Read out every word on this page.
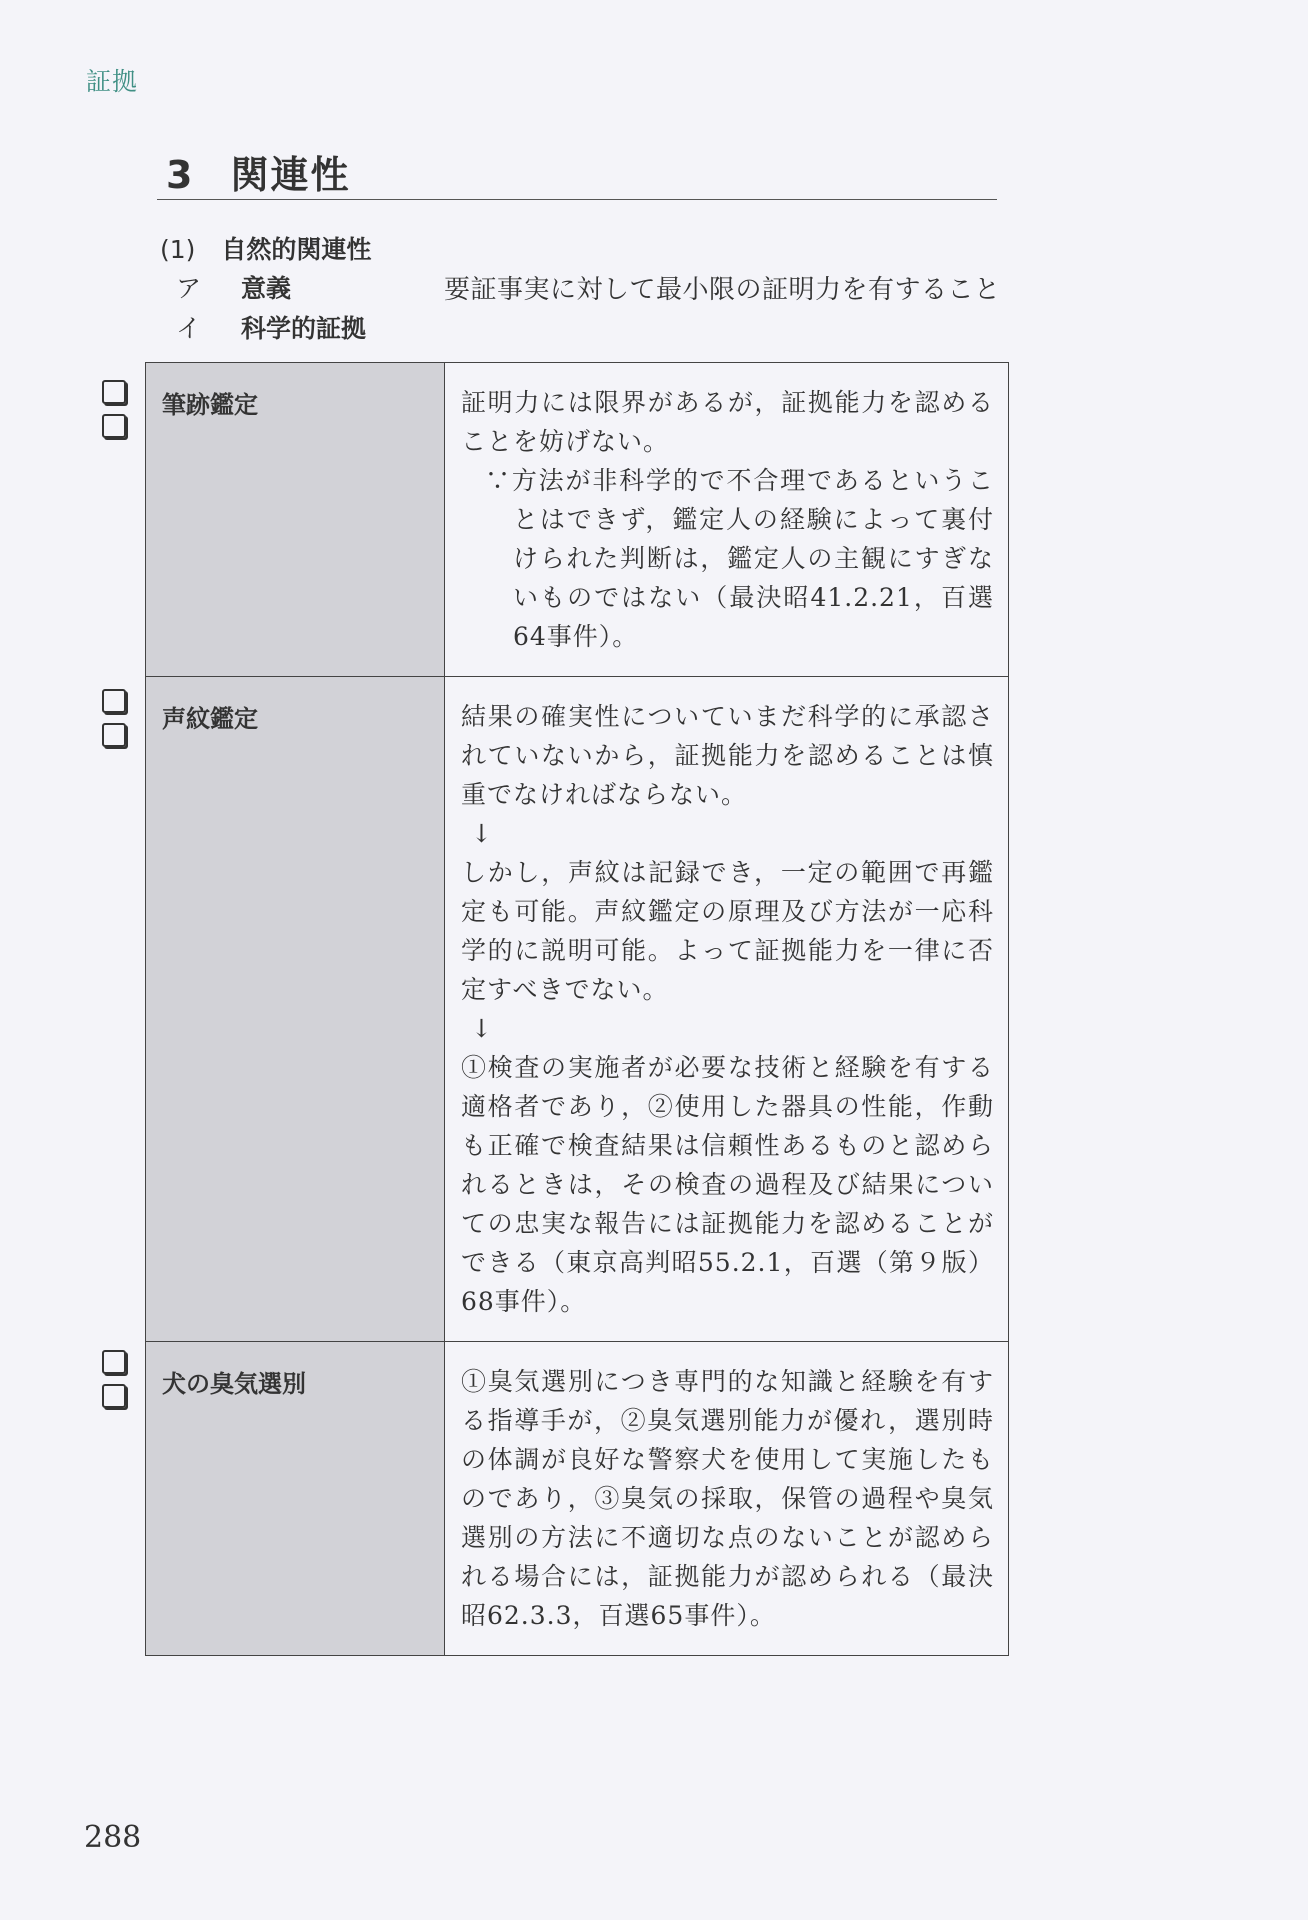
証拠
3 関連性
(1) 自然的関連性
ア 意義	要証事実に対して最小限の証明力を有すること
イ 科学的証拠
筆跡鑑定	証明力には限界があるが，証拠能力を認めることを妨げない。
∵方法が非科学的で不合理であるということはできず，鑑定人の経験によって裏付けられた判断は，鑑定人の主観にすぎないものではない（最決昭41.2.21，百選64事件）。

声紋鑑定	結果の確実性についていまだ科学的に承認されていないから，証拠能力を認めることは慎重でなければならない。
↓
しかし，声紋は記録でき，一定の範囲で再鑑定も可能。声紋鑑定の原理及び方法が一応科学的に説明可能。よって証拠能力を一律に否定すべきでない。
↓
①検査の実施者が必要な技術と経験を有する適格者であり，②使用した器具の性能，作動も正確で検査結果は信頼性あるものと認められるときは，その検査の過程及び結果についての忠実な報告には証拠能力を認めることができる（東京高判昭55.2.1，百選（第９版）68事件）。

犬の臭気選別	①臭気選別につき専門的な知識と経験を有する指導手が，②臭気選別能力が優れ，選別時の体調が良好な警察犬を使用して実施したものであり，③臭気の採取，保管の過程や臭気選別の方法に不適切な点のないことが認められる場合には，証拠能力が認められる（最決昭62.3.3，百選65事件）。
288
